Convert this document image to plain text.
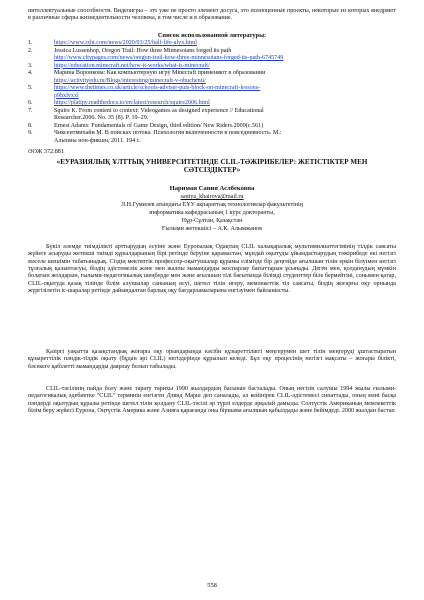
интеллектуальные способности. Видеоигры – это уже не просто элемент досуга, это полноценные проекты, некоторые из которых внедряют в различные сферы жизнедеятельности человека, в том числе и в образование.

Список использованной литературы:

1.	https://www.ixbt.com/news/2020/03/25/half-life-alyx.html

2.	Jessica Lussenhop, Oregon Trail: How three Minnesotans forged its path

http://www.citypages.com/news/oregon-trail-how-three-minnesotans-forged-its-path-6745749

3.	https://education.minecraft.net/how-it-works/what-is-minecraft/

4.	Марина Воронкова: Как компьютерную игру Minecraft применяют в образовании

https://activityedu.ru/Blogs/interesting/minecraft-v-obuchenii/

5.	https://www.thetimes.co.uk/article/schools-adviser-puts-block-on-minecraft-lessons-

p9hxlvxxl

6.	https://platipy.readthedocs.io/en/latest/research/squire2006.html

7.	Squire K. From content to context: Videogames as designed experience // Educational

Researcher.2006. No. 35 (8). P. 19–29.

8.	Ernest Adams: Fundamentals of Game Design, third edition/ New Riders.2009(c.561)

9.	Чиксентмихайи М. В поисках потока. Психология включенности в повседневность. М.:

Альпина нон-фикшн, 2011. 194 с.

ӘОЖ 372.881

«ЕУРАЗИЯЛЫҚ ҰЛТТЫҚ УНИВЕРСИТЕТІНДЕ CLIL-ТӘЖІРИБЕЛЕР: ЖЕТІСТІКТЕР МЕН СӘТСІЗДІКТЕР»

Нариман Сания Аслбековна

saniya_khairova@mail.ru

Л.Н.Гумилев атындағы ЕҰУ ақпараттық технологиялар факультетінің

информатика кафедрасының 1 курс докторанты,

Нұр-Сұлтан, Қазақстан

Ғылыми жетекшісі – А.К. Алымжанов

Бүкіл әлемде тиімділікті арттырудың есуіне және Еуропалық Одақтың CLIL халықаралық мультимилиаттегімінің тілдік саясаты жүйеге асыруды жетекші тиімді құрылдарының бірі ретінде беруіне қарамастан, мұндай оқытуды ұйымдастырудың тәжірибеде екі негізгі мәселе шешімін табатынадық. Сіздің мектептік профессор-оқытушылар құрамы елімізде бір деңгейде ағылшын тілін еркін білуімен негізгі тұлғалық қалыптасуы, біздің әдістемелік және мен жалпы мамандарды жоспарлау бағыттарын ұсынады. Деген мен, қолданудың мүмкін болатын жолдарын, ғылыми-педагогикалық шеңберде мен және ағылшын тілі бағытында білімді студенттер біле бермейтіні, сонымен қатар, CLIL-оқытуда қазақ тілінде білім алушылар санының өсуі, шетел тілін игеру, мемлекеттік тіл саясаты, біздің жоғарғы оқу орнында жүргізілетін іс-шаралар ретінде дайындалған барлық оқу бағдарламаларына енгізуімен байланысты.

Қазіргі уақытта қазақстандық жоғары оқу орындарында кәсіби құзыреттілікті меңгерумен шет тілін меңгеруді ұштастыратын құзыреттілік пәндік-тілдік оқыту (бұдан әрі CLIL) негіздерінде құрылып келеді. Бұл оқу процесінің негізгі мақсаты – жоғары білікті, бәсекеге қабілетті мамандарды даярлау болып табылады.

CLIL-тәсілінің пайда болу және тарату тарихы 1990 жылдардың басынан басталады. Оның негізін салушы 1994 жылы ғылыми-педагогикалық әдебиетке "CLIL" терминін енгізген Дэвид Марш деп саналады, ал кейінірек CLIL-әдістемесі сипаттады, оның мәні басқа пәндерді оқытудың құралы ретінде шетел тілін қолдану CLIL-тәсілі әр түрлі елдерде әрқалай дамыды. Солтүстік Американың мемлекеттік білім беру жүйесі Еуропа, Оңтүстік Америка және Азияға қарағанда оны біршама ағылшын қабылдады және бейімдеді. 2000 жылдан бастап

558
